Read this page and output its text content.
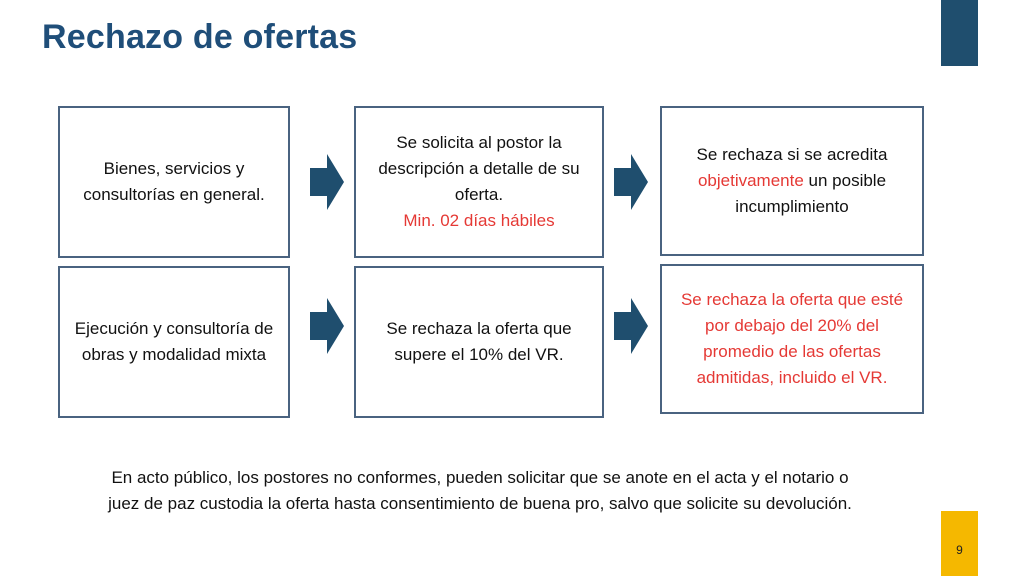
Rechazo de ofertas
Bienes, servicios y consultorías en general.
Se solicita al postor la descripción a detalle de su oferta.
Min. 02 días hábiles
Se rechaza si se acredita objetivamente un posible incumplimiento
Ejecución y consultoría de obras y modalidad mixta
Se rechaza la oferta que supere el 10% del VR.
Se rechaza la oferta que esté por debajo del 20% del promedio de las ofertas admitidas, incluido el VR.
En acto público, los postores no conformes, pueden solicitar que se anote en el acta y el notario o
juez de paz custodia la oferta hasta consentimiento de buena pro, salvo que solicite su devolución.
9
